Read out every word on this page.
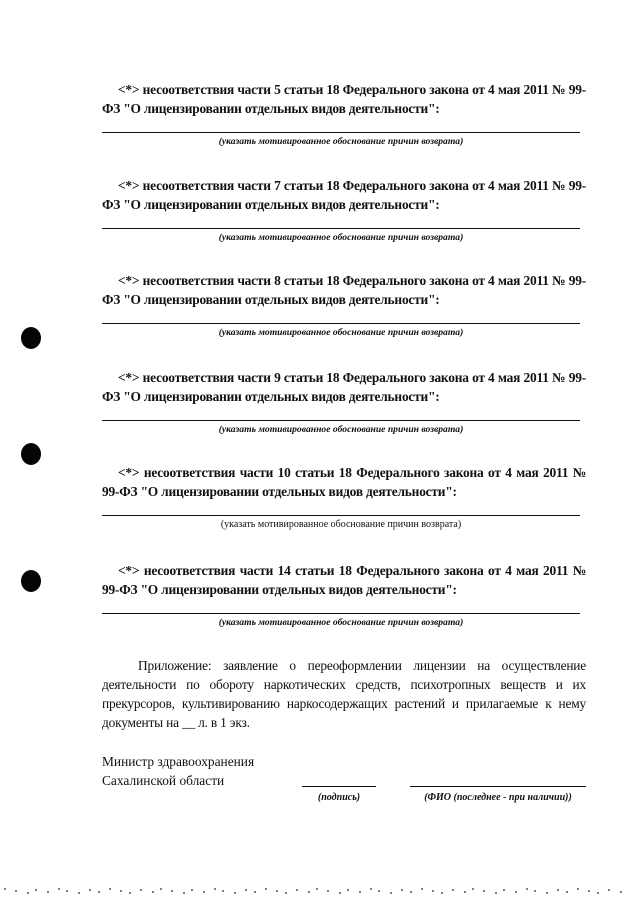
<*> несоответствия части 5 статьи 18 Федерального закона от 4 мая 2011 № 99-ФЗ "О лицензировании отдельных видов деятельности":

(указать мотивированное обоснование причин возврата)

<*> несоответствия части 7 статьи 18 Федерального закона от 4 мая 2011 № 99-ФЗ "О лицензировании отдельных видов деятельности":

(указать мотивированное обоснование причин возврата)

<*> несоответствия части 8 статьи 18 Федерального закона от 4 мая 2011 № 99-ФЗ "О лицензировании отдельных видов деятельности":

(указать мотивированное обоснование причин возврата)

<*> несоответствия части 9 статьи 18 Федерального закона от 4 мая 2011 № 99-ФЗ "О лицензировании отдельных видов деятельности":

(указать мотивированное обоснование причин возврата)

<*> несоответствия части 10 статьи 18 Федерального закона от 4 мая 2011 № 99-ФЗ "О лицензировании отдельных видов деятельности":

(указать мотивированное обоснование причин возврата)

<*> несоответствия части 14 статьи 18 Федерального закона от 4 мая 2011 № 99-ФЗ "О лицензировании отдельных видов деятельности":

(указать мотивированное обоснование причин возврата)

Приложение: заявление о переоформлении лицензии на осуществление деятельности по обороту наркотических средств, психотропных веществ и их прекурсоров, культивированию наркосодержащих растений и прилагаемые к нему документы на __ л. в 1 экз.

Министр здравоохранения
Сахалинской области
(подпись)	(ФИО (последнее - при наличии))
